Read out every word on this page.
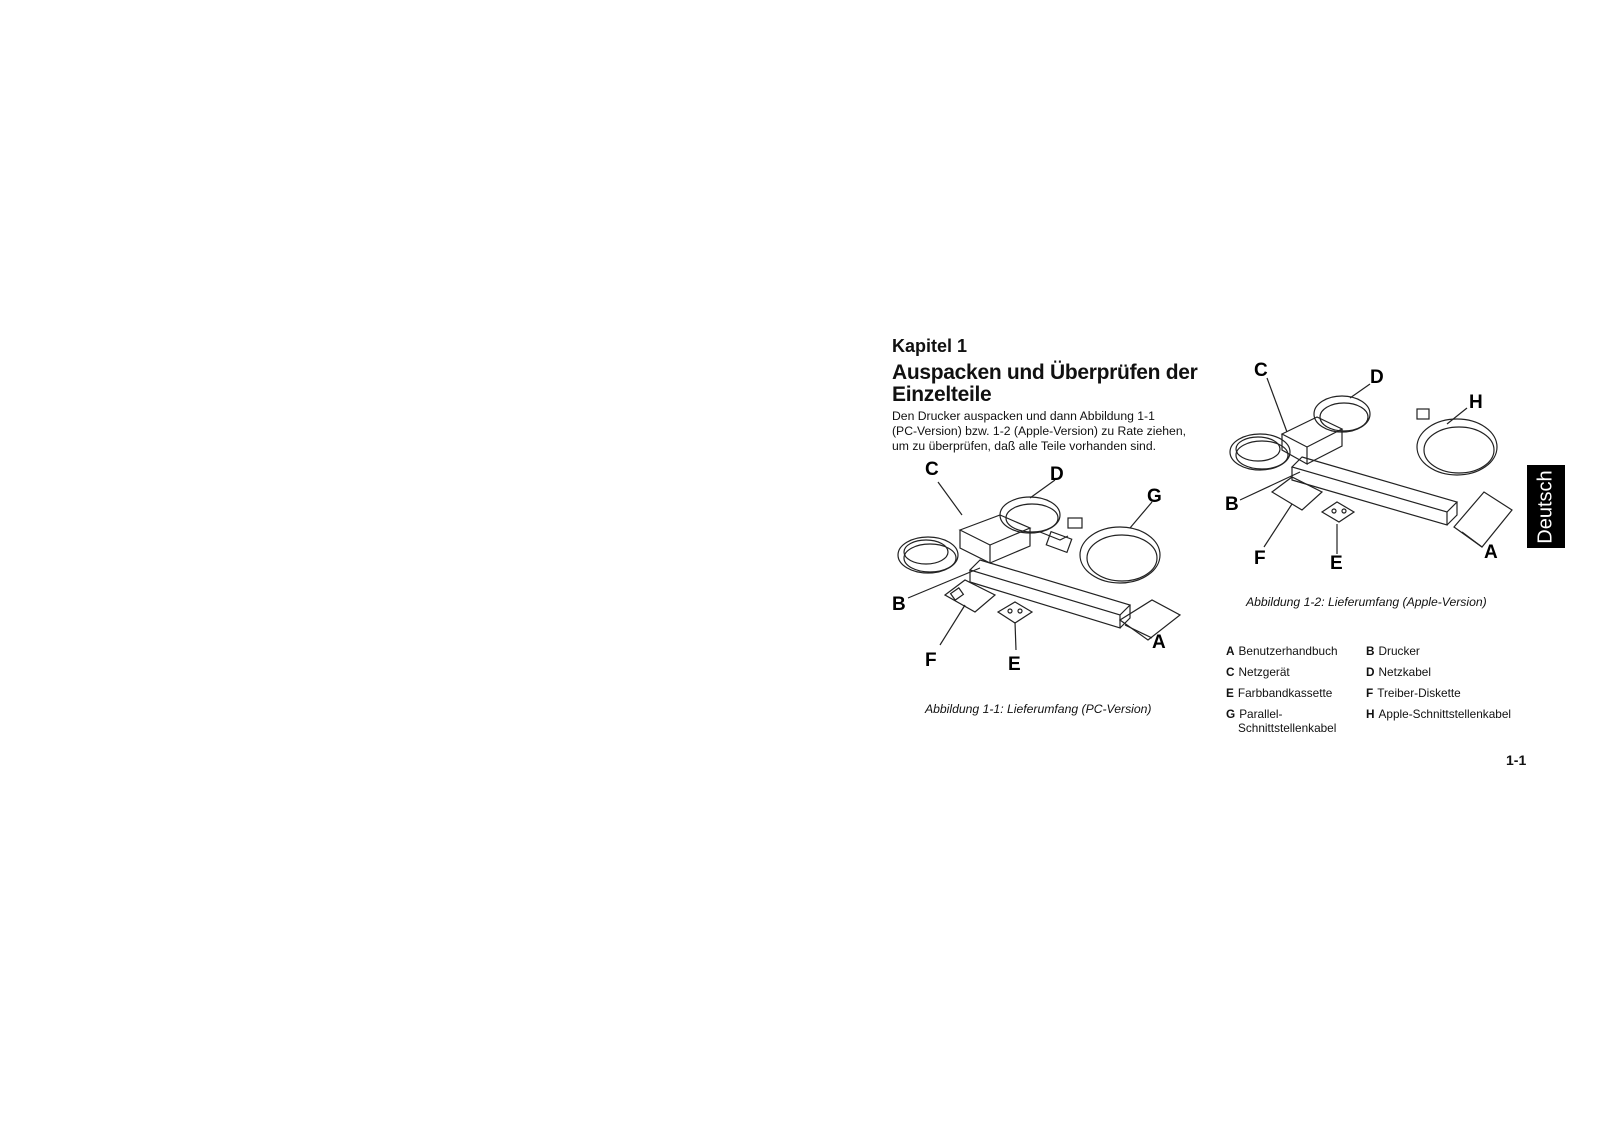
Kapitel 1
Auspacken und Überprüfen der
Einzelteile
Den Drucker auspacken und dann Abbildung 1-1
(PC-Version) bzw. 1-2 (Apple-Version) zu Rate ziehen,
um zu überprüfen, daß alle Teile vorhanden sind.
C	D
G
B
A
F	E
Abbildung 1-1: Lieferumfang (PC-Version)
C	D
H
B
A
F	E
Abbildung 1-2: Lieferumfang (Apple-Version)
A Benutzerhandbuch	B Drucker
C Netzgerät	D Netzkabel
E Farbbandkassette	F Treiber-Diskette
G Parallel-
Schnittstellenkabel
H Apple-Schnittstellenkabel
1-1
Deutsch
